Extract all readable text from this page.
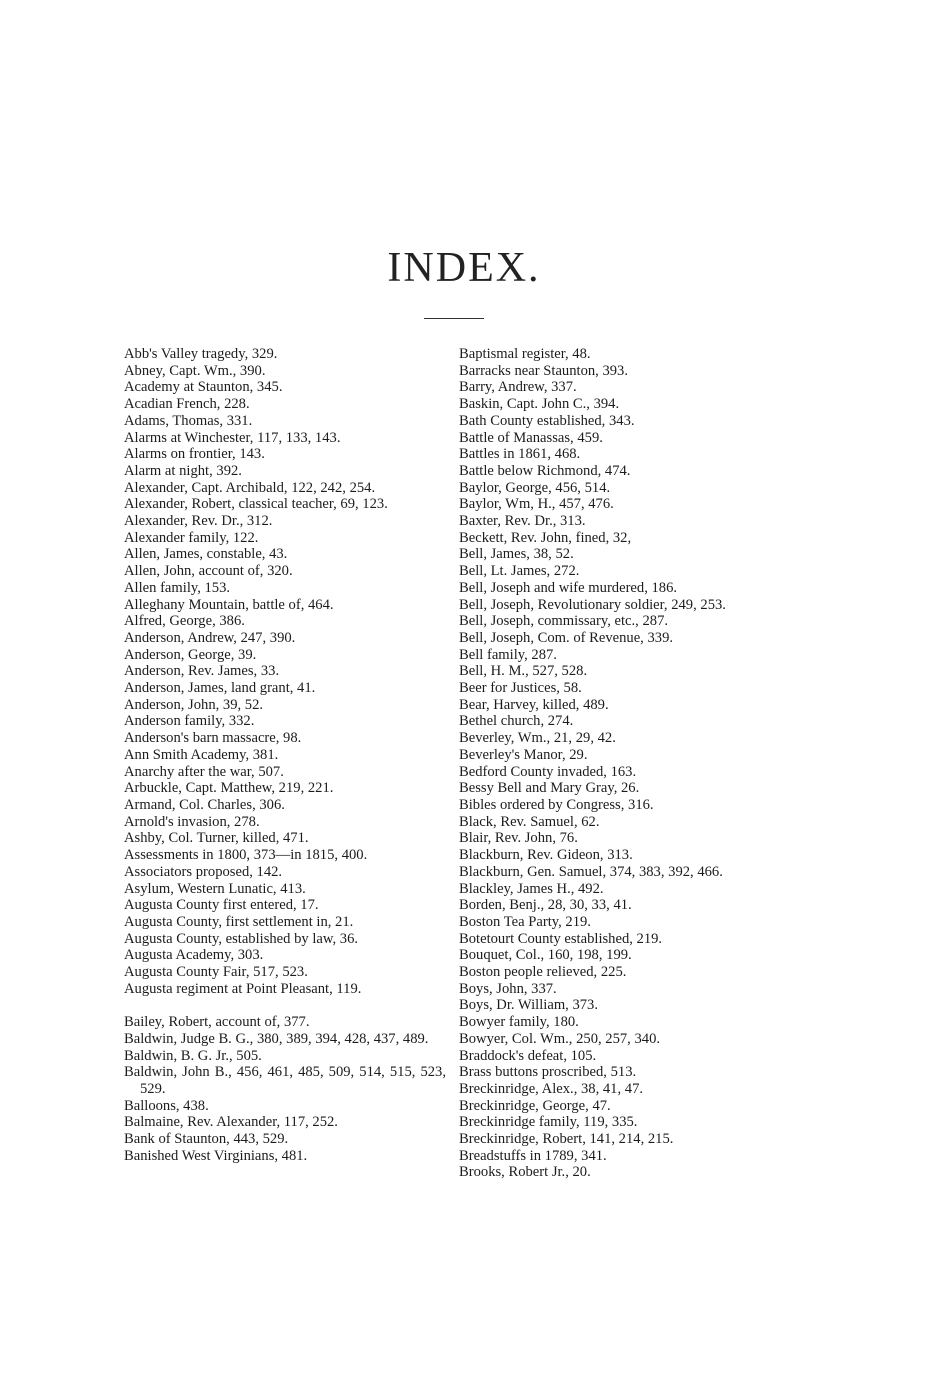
INDEX.
Abb's Valley tragedy, 329.
Abney, Capt. Wm., 390.
Academy at Staunton, 345.
Acadian French, 228.
Adams, Thomas, 331.
Alarms at Winchester, 117, 133, 143.
Alarms on frontier, 143.
Alarm at night, 392.
Alexander, Capt. Archibald, 122, 242, 254.
Alexander, Robert, classical teacher, 69, 123.
Alexander, Rev. Dr., 312.
Alexander family, 122.
Allen, James, constable, 43.
Allen, John, account of, 320.
Allen family, 153.
Alleghany Mountain, battle of, 464.
Alfred, George, 386.
Anderson, Andrew, 247, 390.
Anderson, George, 39.
Anderson, Rev. James, 33.
Anderson, James, land grant, 41.
Anderson, John, 39, 52.
Anderson family, 332.
Anderson's barn massacre, 98.
Ann Smith Academy, 381.
Anarchy after the war, 507.
Arbuckle, Capt. Matthew, 219, 221.
Armand, Col. Charles, 306.
Arnold's invasion, 278.
Ashby, Col. Turner, killed, 471.
Assessments in 1800, 373—in 1815, 400.
Associators proposed, 142.
Asylum, Western Lunatic, 413.
Augusta County first entered, 17.
Augusta County, first settlement in, 21.
Augusta County, established by law, 36.
Augusta Academy, 303.
Augusta County Fair, 517, 523.
Augusta regiment at Point Pleasant, 119.
Bailey, Robert, account of, 377.
Baldwin, Judge B. G., 380, 389, 394, 428, 437, 489.
Baldwin, B. G. Jr., 505.
Baldwin, John B., 456, 461, 485, 509, 514, 515, 523, 529.
Balloons, 438.
Balmaine, Rev. Alexander, 117, 252.
Bank of Staunton, 443, 529.
Banished West Virginians, 481.
Baptismal register, 48.
Barracks near Staunton, 393.
Barry, Andrew, 337.
Baskin, Capt. John C., 394.
Bath County established, 343.
Battle of Manassas, 459.
Battles in 1861, 468.
Battle below Richmond, 474.
Baylor, George, 456, 514.
Baylor, Wm, H., 457, 476.
Baxter, Rev. Dr., 313.
Beckett, Rev. John, fined, 32,
Bell, James, 38, 52.
Bell, Lt. James, 272.
Bell, Joseph and wife murdered, 186.
Bell, Joseph, Revolutionary soldier, 249, 253.
Bell, Joseph, commissary, etc., 287.
Bell, Joseph, Com. of Revenue, 339.
Bell family, 287.
Bell, H. M., 527, 528.
Beer for Justices, 58.
Bear, Harvey, killed, 489.
Bethel church, 274.
Beverley, Wm., 21, 29, 42.
Beverley's Manor, 29.
Bedford County invaded, 163.
Bessy Bell and Mary Gray, 26.
Bibles ordered by Congress, 316.
Black, Rev. Samuel, 62.
Blair, Rev. John, 76.
Blackburn, Rev. Gideon, 313.
Blackburn, Gen. Samuel, 374, 383, 392, 466.
Blackley, James H., 492.
Borden, Benj., 28, 30, 33, 41.
Boston Tea Party, 219.
Botetourt County established, 219.
Bouquet, Col., 160, 198, 199.
Boston people relieved, 225.
Boys, John, 337.
Boys, Dr. William, 373.
Bowyer family, 180.
Bowyer, Col. Wm., 250, 257, 340.
Braddock's defeat, 105.
Brass buttons proscribed, 513.
Breckinridge, Alex., 38, 41, 47.
Breckinridge, George, 47.
Breckinridge family, 119, 335.
Breckinridge, Robert, 141, 214, 215.
Breadstuffs in 1789, 341.
Brooks, Robert Jr., 20.
